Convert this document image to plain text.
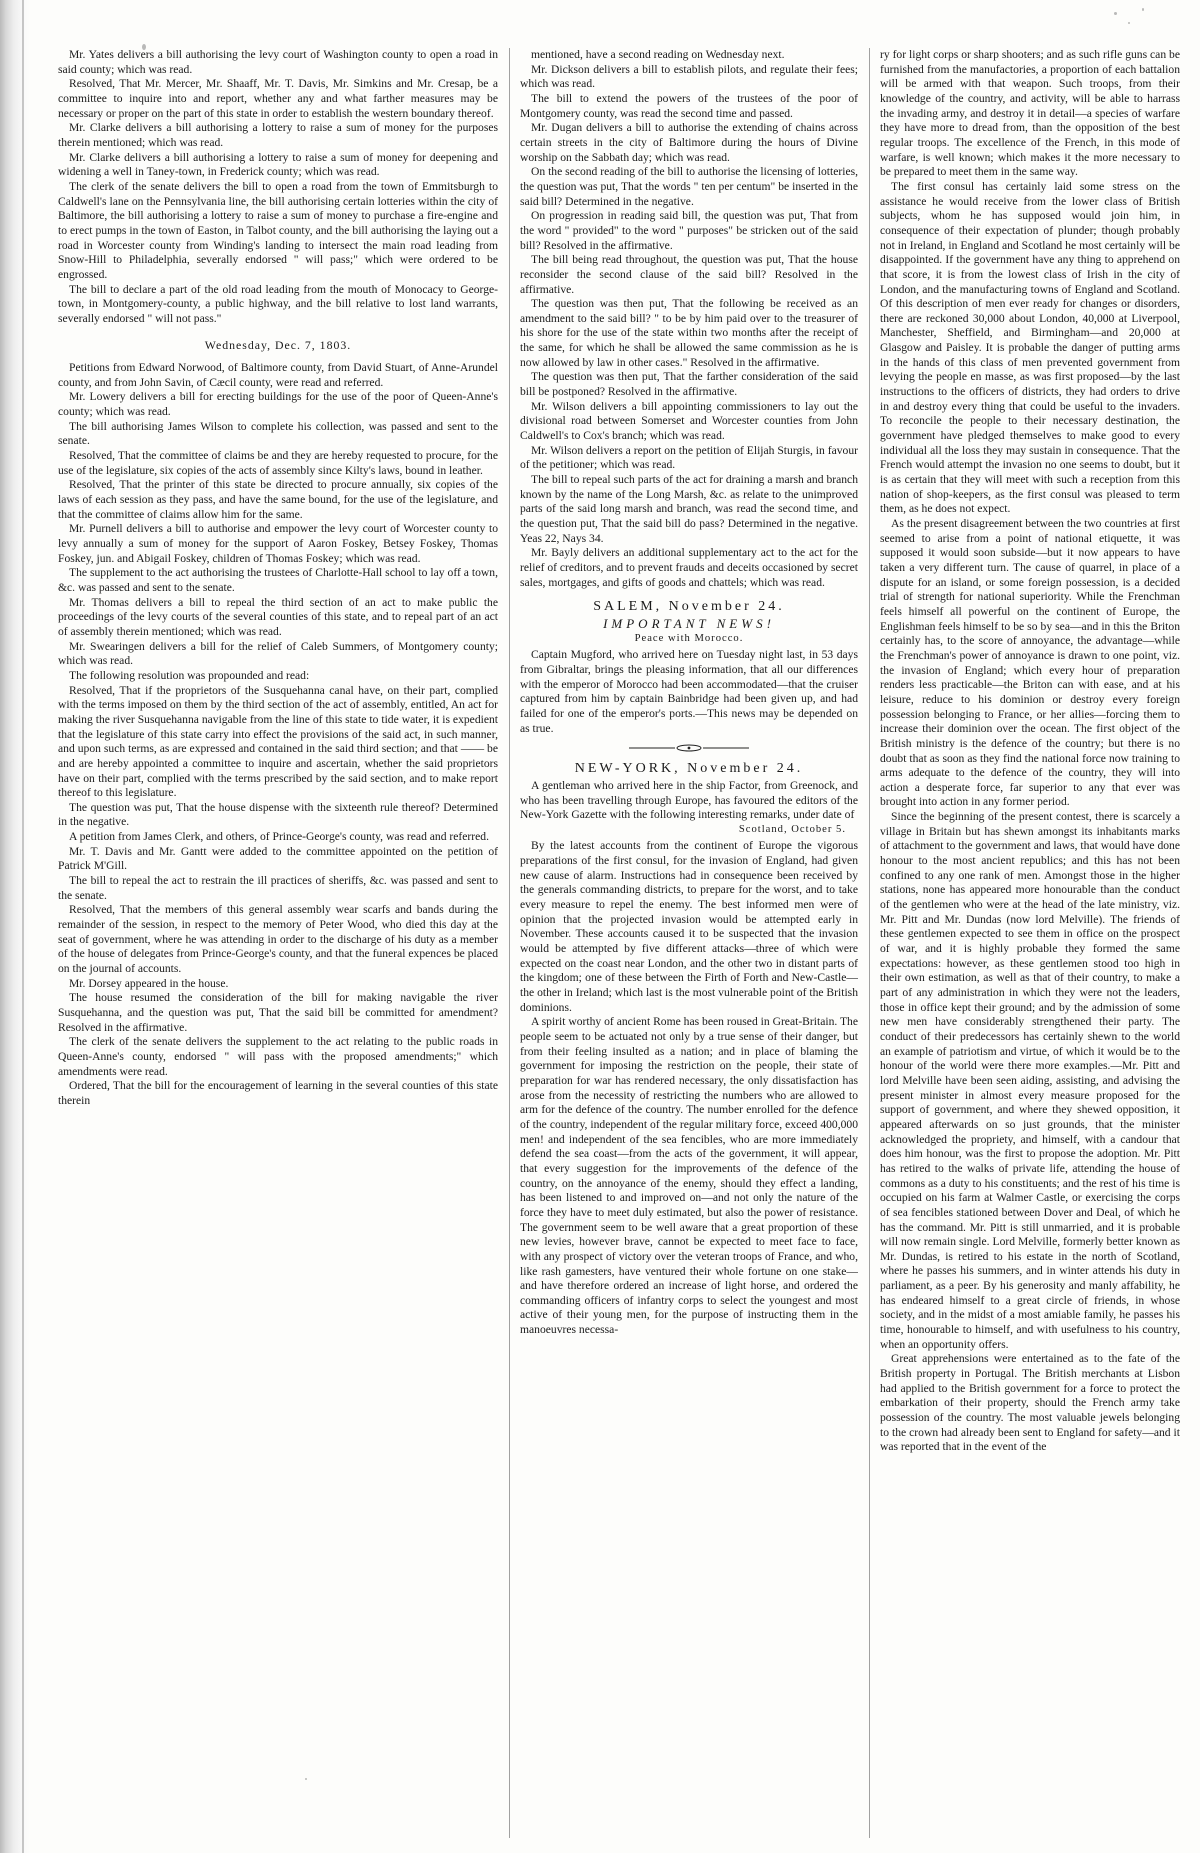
Mr. Yates delivers a bill authorising the levy court of Washington county to open a road in said county; which was read.

Resolved, That Mr. Mercer, Mr. Shaaff, Mr. T. Davis, Mr. Simkins and Mr. Cresap, be a committee to inquire into and report, whether any and what farther measures may be necessary or proper on the part of this state in order to establish the western boundary thereof.

Mr. Clarke delivers a bill authorising a lottery to raise a sum of money for the purposes therein mentioned; which was read.

Mr. Clarke delivers a bill authorising a lottery to raise a sum of money for deepening and widening a well in Taney-town, in Frederick county; which was read.

The clerk of the senate delivers the bill to open a road from the town of Emmitsburgh to Caldwell's lane on the Pennsylvania line, the bill authorising certain lotteries within the city of Baltimore, the bill authorising a lottery to raise a sum of money to purchase a fire-engine and to erect pumps in the town of Easton, in Talbot county, and the bill authorising the laying out a road in Worcester county from Winding's landing to intersect the main road leading from Snow-Hill to Philadelphia, severally endorsed " will pass;" which were ordered to be engrossed.

The bill to declare a part of the old road leading from the mouth of Monocacy to George-town, in Montgomery-county, a public highway, and the bill relative to lost land warrants, severally endorsed " will not pass."

Wednesday, Dec. 7, 1803.

Petitions from Edward Norwood, of Baltimore county, from David Stuart, of Anne-Arundel county, and from John Savin, of Cæcil county, were read and referred.

Mr. Lowery delivers a bill for erecting buildings for the use of the poor of Queen-Anne's county; which was read.

The bill authorising James Wilson to complete his collection, was passed and sent to the senate.

Resolved, That the committee of claims be and they are hereby requested to procure, for the use of the legislature, six copies of the acts of assembly since Kilty's laws, bound in leather.

Resolved, That the printer of this state be directed to procure annually, six copies of the laws of each session as they pass, and have the same bound, for the use of the legislature, and that the committee of claims allow him for the same.

Mr. Purnell delivers a bill to authorise and empower the levy court of Worcester county to levy annually a sum of money for the support of Aaron Foskey, Betsey Foskey, Thomas Foskey, jun. and Abigail Foskey, children of Thomas Foskey; which was read.

The supplement to the act authorising the trustees of Charlotte-Hall school to lay off a town, &c. was passed and sent to the senate.

Mr. Thomas delivers a bill to repeal the third section of an act to make public the proceedings of the levy courts of the several counties of this state, and to repeal part of an act of assembly therein mentioned; which was read.

Mr. Swearingen delivers a bill for the relief of Caleb Summers, of Montgomery county; which was read.

The following resolution was propounded and read:

Resolved, That if the proprietors of the Susquehanna canal have, on their part, complied with the terms imposed on them by the third section of the act of assembly, entitled, An act for making the river Susquehanna navigable from the line of this state to tide water, it is expedient that the legislature of this state carry into effect the provisions of the said act, in such manner, and upon such terms, as are expressed and contained in the said third section; and that —— be and are hereby appointed a committee to inquire and ascertain, whether the said proprietors have on their part, complied with the terms prescribed by the said section, and to make report thereof to this legislature.

The question was put, That the house dispense with the sixteenth rule thereof? Determined in the negative.

A petition from James Clerk, and others, of Prince-George's county, was read and referred.

Mr. T. Davis and Mr. Gantt were added to the committee appointed on the petition of Patrick M'Gill.

The bill to repeal the act to restrain the ill practices of sheriffs, &c. was passed and sent to the senate.

Resolved, That the members of this general assembly wear scarfs and bands during the remainder of the session, in respect to the memory of Peter Wood, who died this day at the seat of government, where he was attending in order to the discharge of his duty as a member of the house of delegates from Prince-George's county, and that the funeral expences be placed on the journal of accounts.

Mr. Dorsey appeared in the house.

The house resumed the consideration of the bill for making navigable the river Susquehanna, and the question was put, That the said bill be committed for amendment? Resolved in the affirmative.

The clerk of the senate delivers the supplement to the act relating to the public roads in Queen-Anne's county, endorsed " will pass with the proposed amendments;" which amendments were read.

Ordered, That the bill for the encouragement of learning in the several counties of this state therein

mentioned, have a second reading on Wednesday next.

Mr. Dickson delivers a bill to establish pilots, and regulate their fees; which was read.

The bill to extend the powers of the trustees of the poor of Montgomery county, was read the second time and passed.

Mr. Dugan delivers a bill to authorise the extending of chains across certain streets in the city of Baltimore during the hours of Divine worship on the Sabbath day; which was read.

On the second reading of the bill to authorise the licensing of lotteries, the question was put, That the words " ten per centum" be inserted in the said bill? Determined in the negative.

On progression in reading said bill, the question was put, That from the word " provided" to the word " purposes" be stricken out of the said bill? Resolved in the affirmative.

The bill being read throughout, the question was put, That the house reconsider the second clause of the said bill? Resolved in the affirmative.

The question was then put, That the following be received as an amendment to the said bill? " to be by him paid over to the treasurer of his shore for the use of the state within two months after the receipt of the same, for which he shall be allowed the same commission as he is now allowed by law in other cases." Resolved in the affirmative.

The question was then put, That the farther consideration of the said bill be postponed? Resolved in the affirmative.

Mr. Wilson delivers a bill appointing commissioners to lay out the divisional road between Somerset and Worcester counties from John Caldwell's to Cox's branch; which was read.

Mr. Wilson delivers a report on the petition of Elijah Sturgis, in favour of the petitioner; which was read.

The bill to repeal such parts of the act for draining a marsh and branch known by the name of the Long Marsh, &c. as relate to the unimproved parts of the said long marsh and branch, was read the second time, and the question put, That the said bill do pass? Determined in the negative. Yeas 22, Nays 34.

Mr. Bayly delivers an additional supplementary act to the act for the relief of creditors, and to prevent frauds and deceits occasioned by secret sales, mortgages, and gifts of goods and chattels; which was read.

SALEM, November 24.

IMPORTANT NEWS!

Peace with Morocco.

Captain Mugford, who arrived here on Tuesday night last, in 53 days from Gibraltar, brings the pleasing information, that all our differences with the emperor of Morocco had been accommodated—that the cruiser captured from him by captain Bainbridge had been given up, and had failed for one of the emperor's ports.—This news may be depended on as true.

NEW-YORK, November 24.

A gentleman who arrived here in the ship Factor, from Greenock, and who has been travelling through Europe, has favoured the editors of the New-York Gazette with the following interesting remarks, under date of

Scotland, October 5.

By the latest accounts from the continent of Europe the vigorous preparations of the first consul, for the invasion of England, had given new cause of alarm. Instructions had in consequence been received by the generals commanding districts, to prepare for the worst, and to take every measure to repel the enemy. The best informed men were of opinion that the projected invasion would be attempted early in November. These accounts caused it to be suspected that the invasion would be attempted by five different attacks—three of which were expected on the coast near London, and the other two in distant parts of the kingdom; one of these between the Firth of Forth and New-Castle—the other in Ireland; which last is the most vulnerable point of the British dominions.

A spirit worthy of ancient Rome has been roused in Great-Britain. The people seem to be actuated not only by a true sense of their danger, but from their feeling insulted as a nation; and in place of blaming the government for imposing the restriction on the people, their state of preparation for war has rendered necessary, the only dissatisfaction has arose from the necessity of restricting the numbers who are allowed to arm for the defence of the country. The number enrolled for the defence of the country, independent of the regular military force, exceed 400,000 men! and independent of the sea fencibles, who are more immediately defend the sea coast—from the acts of the government, it will appear, that every suggestion for the improvements of the defence of the country, on the annoyance of the enemy, should they effect a landing, has been listened to and improved on—and not only the nature of the force they have to meet duly estimated, but also the power of resistance. The government seem to be well aware that a great proportion of these new levies, however brave, cannot be expected to meet face to face, with any prospect of victory over the veteran troops of France, and who, like rash gamesters, have ventured their whole fortune on one stake—and have therefore ordered an increase of light horse, and ordered the commanding officers of infantry corps to select the youngest and most active of their young men, for the purpose of instructing them in the manoeuvres necessa-

ry for light corps or sharp shooters; and as such rifle guns can be furnished from the manufactories, a proportion of each battalion will be armed with that weapon. Such troops, from their knowledge of the country, and activity, will be able to harrass the invading army, and destroy it in detail—a species of warfare they have more to dread from, than the opposition of the best regular troops. The excellence of the French, in this mode of warfare, is well known; which makes it the more necessary to be prepared to meet them in the same way.

The first consul has certainly laid some stress on the assistance he would receive from the lower class of British subjects, whom he has supposed would join him, in consequence of their expectation of plunder; though probably not in Ireland, in England and Scotland he most certainly will be disappointed. If the government have any thing to apprehend on that score, it is from the lowest class of Irish in the city of London, and the manufacturing towns of England and Scotland. Of this description of men ever ready for changes or disorders, there are reckoned 30,000 about London, 40,000 at Liverpool, Manchester, Sheffield, and Birmingham—and 20,000 at Glasgow and Paisley. It is probable the danger of putting arms in the hands of this class of men prevented government from levying the people en masse, as was first proposed—by the last instructions to the officers of districts, they had orders to drive in and destroy every thing that could be useful to the invaders. To reconcile the people to their necessary destination, the government have pledged themselves to make good to every individual all the loss they may sustain in consequence. That the French would attempt the invasion no one seems to doubt, but it is as certain that they will meet with such a reception from this nation of shop-keepers, as the first consul was pleased to term them, as he does not expect.

As the present disagreement between the two countries at first seemed to arise from a point of national etiquette, it was supposed it would soon subside—but it now appears to have taken a very different turn. The cause of quarrel, in place of a dispute for an island, or some foreign possession, is a decided trial of strength for national superiority. While the Frenchman feels himself all powerful on the continent of Europe, the Englishman feels himself to be so by sea—and in this the Briton certainly has, to the score of annoyance, the advantage—while the Frenchman's power of annoyance is drawn to one point, viz. the invasion of England; which every hour of preparation renders less practicable—the Briton can with ease, and at his leisure, reduce to his dominion or destroy every foreign possession belonging to France, or her allies—forcing them to increase their dominion over the ocean. The first object of the British ministry is the defence of the country; but there is no doubt that as soon as they find the national force now training to arms adequate to the defence of the country, they will into action a desperate force, far superior to any that ever was brought into action in any former period.

Since the beginning of the present contest, there is scarcely a village in Britain but has shewn amongst its inhabitants marks of attachment to the government and laws, that would have done honour to the most ancient republics; and this has not been confined to any one rank of men. Amongst those in the higher stations, none has appeared more honourable than the conduct of the gentlemen who were at the head of the late ministry, viz. Mr. Pitt and Mr. Dundas (now lord Melville). The friends of these gentlemen expected to see them in office on the prospect of war, and it is highly probable they formed the same expectations: however, as these gentlemen stood too high in their own estimation, as well as that of their country, to make a part of any administration in which they were not the leaders, those in office kept their ground; and by the admission of some new men have considerably strengthened their party. The conduct of their predecessors has certainly shewn to the world an example of patriotism and virtue, of which it would be to the honour of the world were there more examples.—Mr. Pitt and lord Melville have been seen aiding, assisting, and advising the present minister in almost every measure proposed for the support of government, and where they shewed opposition, it appeared afterwards on so just grounds, that the minister acknowledged the propriety, and himself, with a candour that does him honour, was the first to propose the adoption. Mr. Pitt has retired to the walks of private life, attending the house of commons as a duty to his constituents; and the rest of his time is occupied on his farm at Walmer Castle, or exercising the corps of sea fencibles stationed between Dover and Deal, of which he has the command. Mr. Pitt is still unmarried, and it is probable will now remain single. Lord Melville, formerly better known as Mr. Dundas, is retired to his estate in the north of Scotland, where he passes his summers, and in winter attends his duty in parliament, as a peer. By his generosity and manly affability, he has endeared himself to a great circle of friends, in whose society, and in the midst of a most amiable family, he passes his time, honourable to himself, and with usefulness to his country, when an opportunity offers.

Great apprehensions were entertained as to the fate of the British property in Portugal. The British merchants at Lisbon had applied to the British government for a force to protect the embarkation of their property, should the French army take possession of the country. The most valuable jewels belonging to the crown had already been sent to England for safety—and it was reported that in the event of the
